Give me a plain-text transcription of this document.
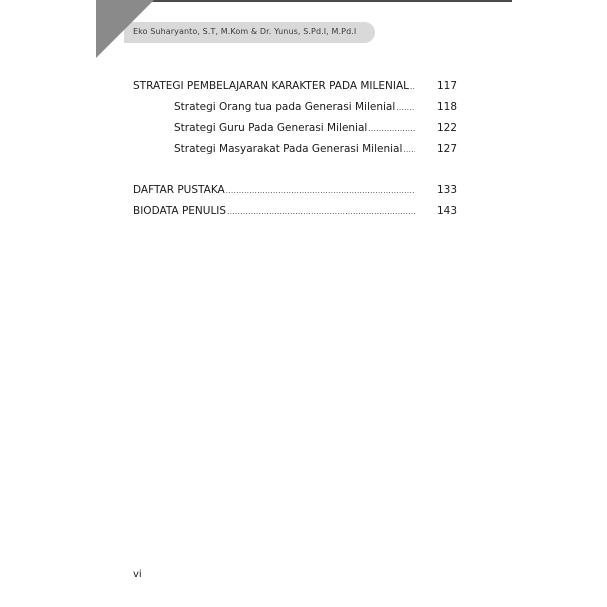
Eko Suharyanto, S.T, M.Kom & Dr. Yunus, S.Pd.I, M.Pd.I
STRATEGI PEMBELAJARAN KARAKTER PADA MILENIAL .....	117
Strategi Orang tua pada Generasi Milenial .....	118
Strategi Guru Pada Generasi Milenial .....	122
Strategi Masyarakat Pada Generasi Milenial .....	127
DAFTAR PUSTAKA .....	133
BIODATA PENULIS .....	143
vi
